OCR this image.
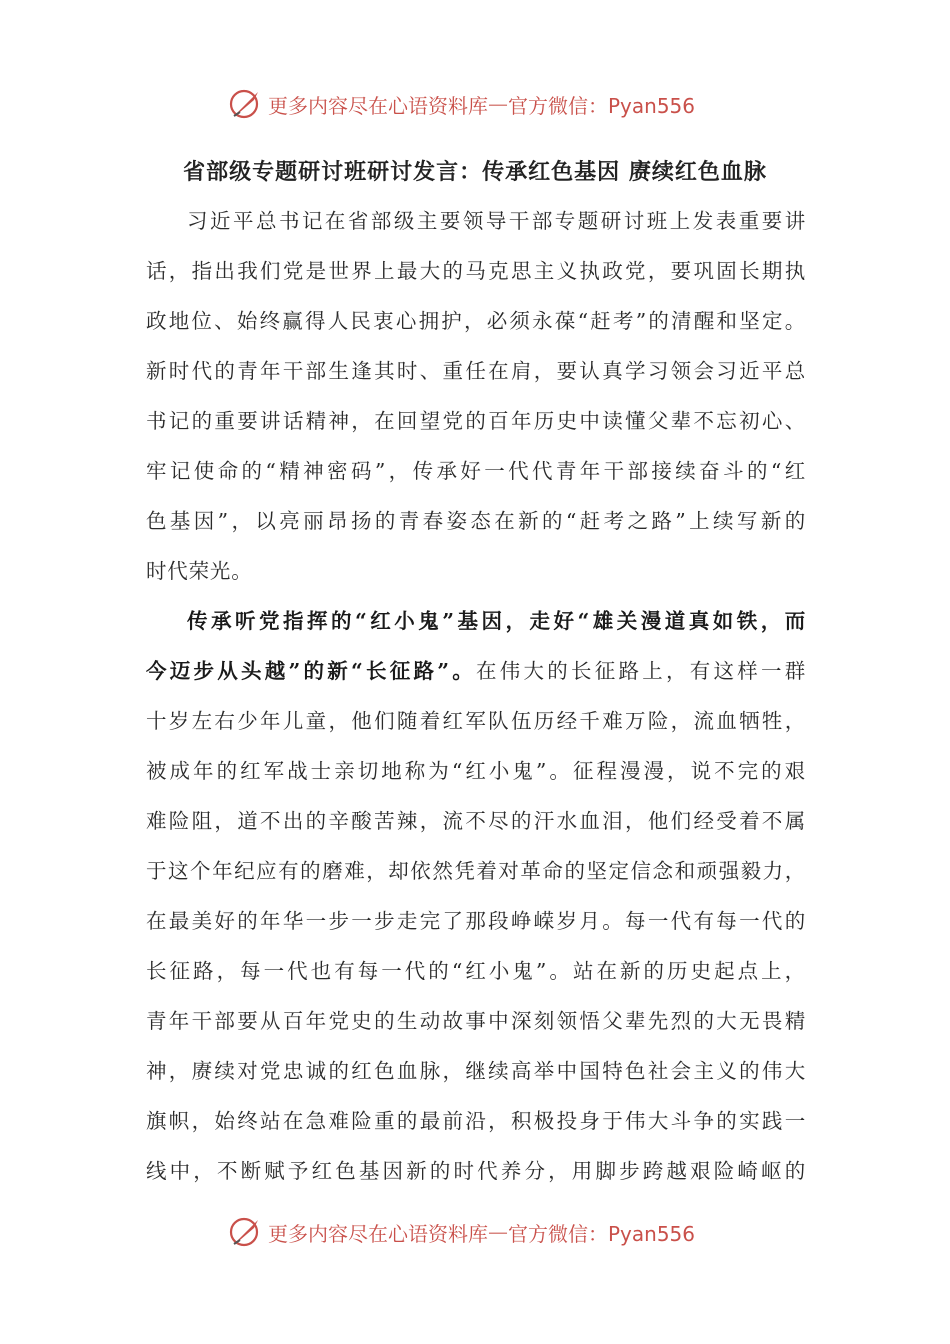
更多内容尽在心语资料库 — 官方微信：Pyan556
省部级专题研讨班研讨发言：传承红色基因 赓续红色血脉
习近平总书记在省部级主要领导干部专题研讨班上发表重要讲
话，指出我们党是世界上最大的马克思主义执政党，要巩固长期执
政地位、始终赢得人民衷心拥护，必须永葆“赶考”的清醒和坚定。
新时代的青年干部生逢其时、重任在肩，要认真学习领会习近平总
书记的重要讲话精神，在回望党的百年历史中读懂父辈不忘初心、
牢记使命的“精神密码”，传承好一代代青年干部接续奋斗的“红
色基因”，以亮丽昂扬的青春姿态在新的“赶考之路”上续写新的
时代荣光。
传承听党指挥的“红小鬼”基因，走好“雄关漫道真如铁，而
今迈步从头越”的新“长征路”。在伟大的长征路上，有这样一群
十岁左右少年儿童，他们随着红军队伍历经千难万险，流血牺牲，
被成年的红军战士亲切地称为“红小鬼”。征程漫漫，说不完的艰
难险阻，道不出的辛酸苦辣，流不尽的汗水血泪，他们经受着不属
于这个年纪应有的磨难，却依然凭着对革命的坚定信念和顽强毅力，
在最美好的年华一步一步走完了那段峥嵘岁月。每一代有每一代的
长征路，每一代也有每一代的“红小鬼”。站在新的历史起点上，
青年干部要从百年党史的生动故事中深刻领悟父辈先烈的大无畏精
神，赓续对党忠诚的红色血脉，继续高举中国特色社会主义的伟大
旗帜，始终站在急难险重的最前沿，积极投身于伟大斗争的实践一
线中，不断赋予红色基因新的时代养分，用脚步跨越艰险崎岖的
更多内容尽在心语资料库 — 官方微信：Pyan556
